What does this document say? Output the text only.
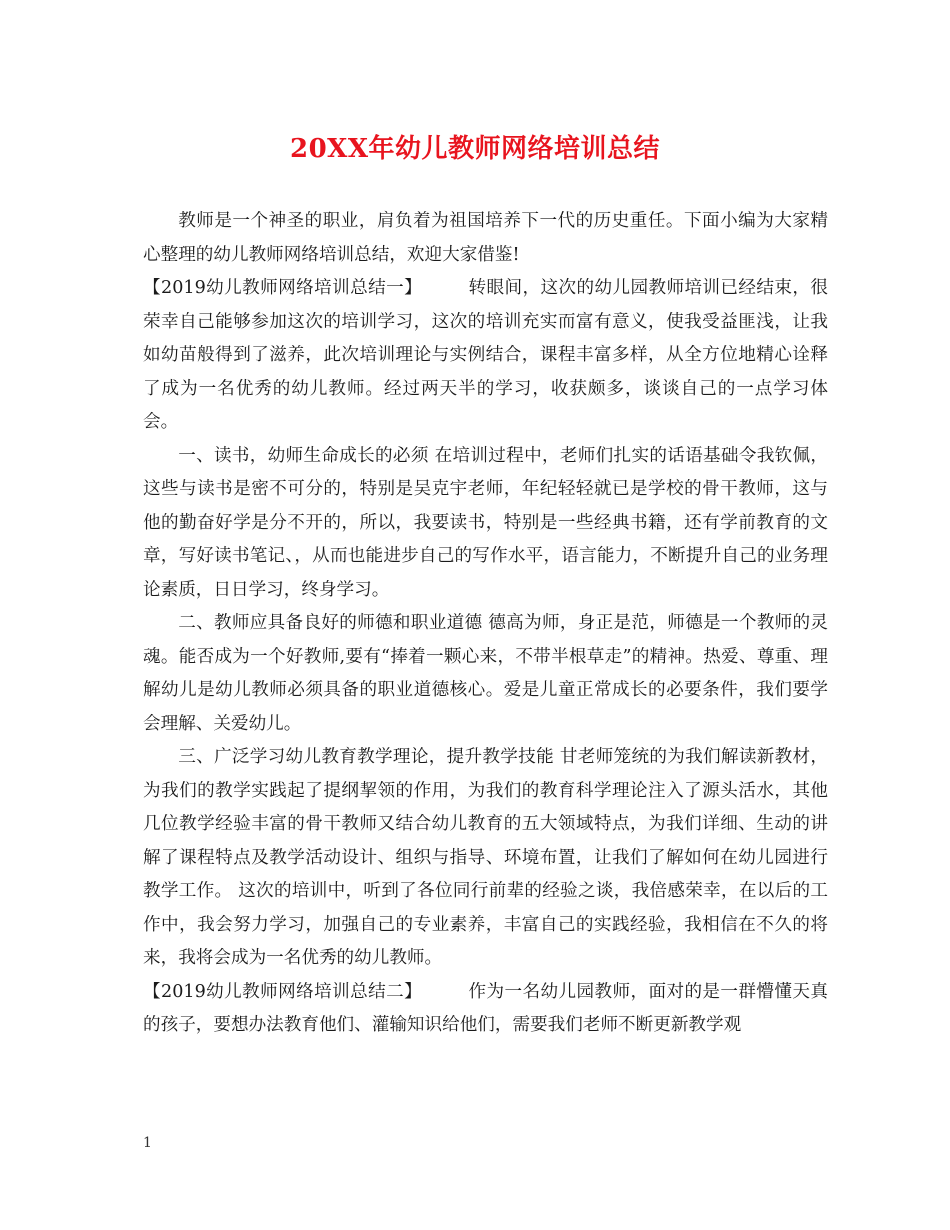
20XX年幼儿教师网络培训总结

教师是一个神圣的职业，肩负着为祖国培养下一代的历史重任。下面小编为大家精心整理的幼儿教师网络培训总结，欢迎大家借鉴!

【2019幼儿教师网络培训总结一】	转眼间，这次的幼儿园教师培训已经结束，很荣幸自己能够参加这次的培训学习，这次的培训充实而富有意义，使我受益匪浅，让我如幼苗般得到了滋养，此次培训理论与实例结合，课程丰富多样，从全方位地精心诠释了成为一名优秀的幼儿教师。经过两天半的学习，收获颇多，谈谈自己的一点学习体会。

一、读书，幼师生命成长的必须 在培训过程中，老师们扎实的话语基础令我钦佩，这些与读书是密不可分的，特别是吴克宇老师，年纪轻轻就已是学校的骨干教师，这与他的勤奋好学是分不开的，所以，我要读书，特别是一些经典书籍，还有学前教育的文章，写好读书笔记、，从而也能进步自己的写作水平，语言能力，不断提升自己的业务理论素质，日日学习，终身学习。

二、教师应具备良好的师德和职业道德 德高为师，身正是范，师德是一个教师的灵魂。能否成为一个好教师,要有“捧着一颗心来，不带半根草走”的精神。热爱、尊重、理解幼儿是幼儿教师必须具备的职业道德核心。爱是儿童正常成长的必要条件，我们要学会理解、关爱幼儿。

三、广泛学习幼儿教育教学理论，提升教学技能 甘老师笼统的为我们解读新教材，为我们的教学实践起了提纲挈领的作用，为我们的教育科学理论注入了源头活水，其他几位教学经验丰富的骨干教师又结合幼儿教育的五大领域特点，为我们详细、生动的讲解了课程特点及教学活动设计、组织与指导、环境布置，让我们了解如何在幼儿园进行教学工作。 这次的培训中，听到了各位同行前辈的经验之谈，我倍感荣幸，在以后的工作中，我会努力学习，加强自己的专业素养，丰富自己的实践经验，我相信在不久的将来，我将会成为一名优秀的幼儿教师。

【2019幼儿教师网络培训总结二】	作为一名幼儿园教师，面对的是一群懵懂天真的孩子，要想办法教育他们、灌输知识给他们，需要我们老师不断更新教学观

1
